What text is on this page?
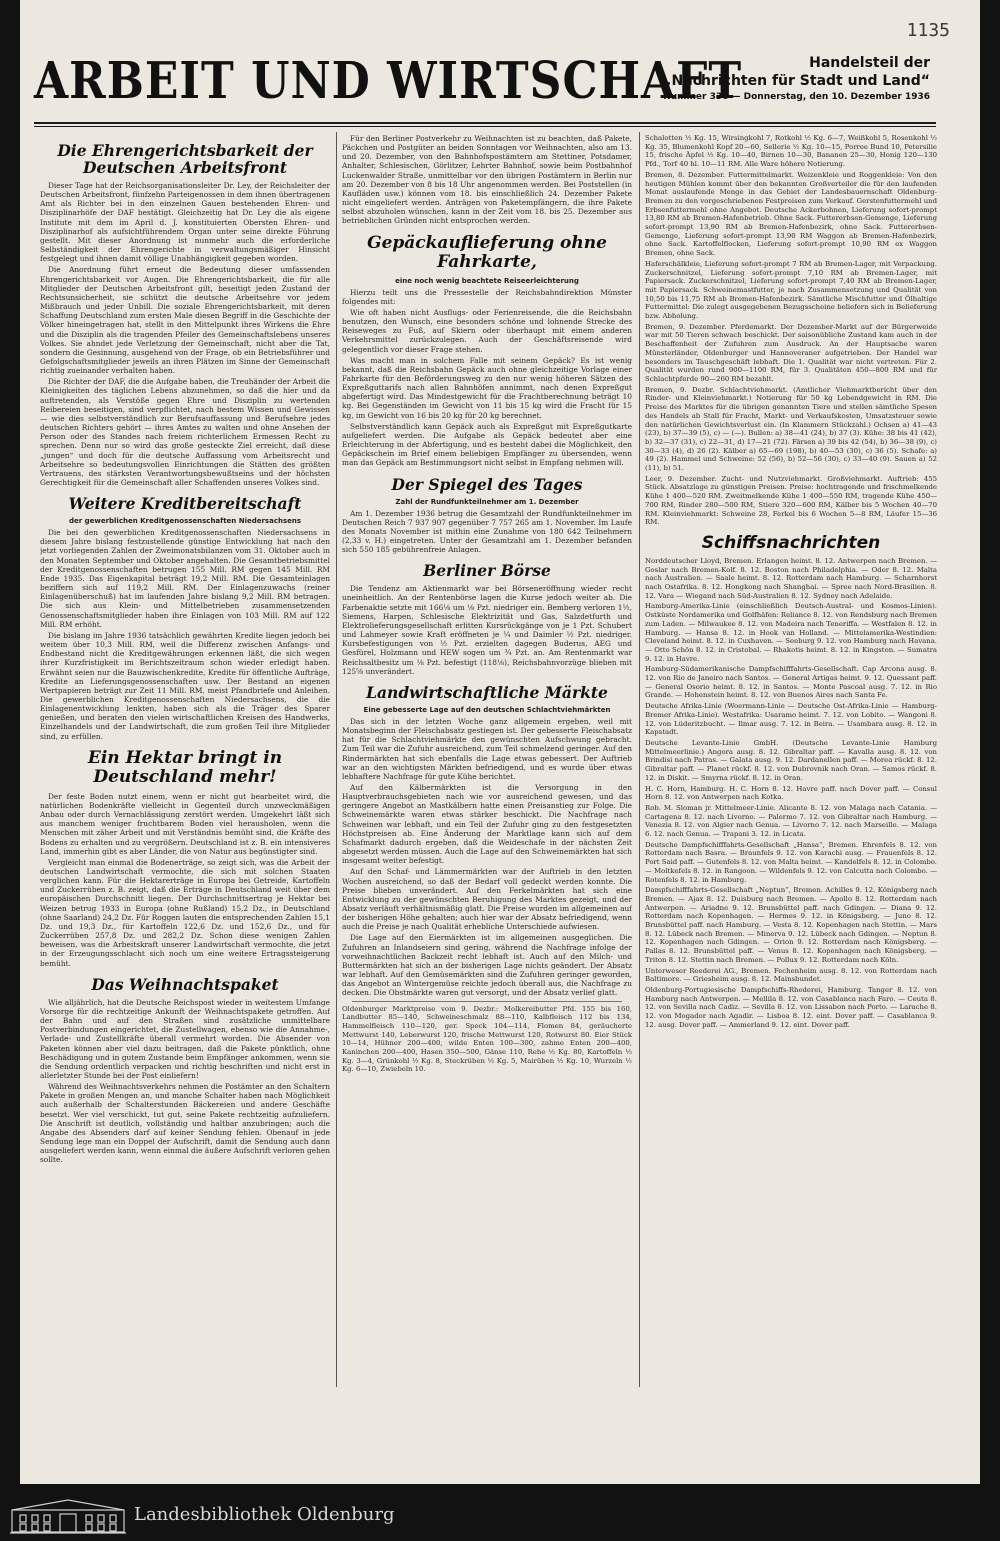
1135
ARBEIT UND WIRTSCHAFT	Handelsteil der
„Nachrichten für Stadt und Land“
Nummer 336 — Donnerstag, den 10. Dezember 1936
Die Ehrengerichtsbarkeit der Deutschen Arbeitsfront

Dieser Tage hat der Reichsorganisationsleiter Dr. Ley, der Reichsleiter der Deutschen Arbeitsfront, fünfzehn Parteigenossen in dem ihnen übertragenen Amt als Richter bei in den einzelnen Gauen bestehenden Ehren- und Disziplinarhöfe der DAF bestätigt. Gleichzeitig hat Dr. Ley die als eigene Institute mit dem im April d. J. konstituierten Obersten Ehren- und Disziplinarhof als aufsichtführendem Organ unter seine direkte Führung gestellt. Mit dieser Anordnung ist nunmehr auch die erforderliche Selbständigkeit der Ehrengerichte in verwaltungsmäßiger Hinsicht festgelegt und ihnen damit völlige Unabhängigkeit gegeben worden.

Die Anordnung führt erneut die Bedeutung dieser umfassenden Ehrengerichtsbarkeit vor Augen. Die Ehrengerichtsbarkeit, die für alle Mitglieder der Deutschen Arbeitsfront gilt, beseitigt jeden Zustand der Rechtsunsicherheit, sie schützt die deutsche Arbeitsehre vor jedem Mißbrauch und jeder Unbill. Die soziale Ehrengerichtsbarkeit, mit deren Schaffung Deutschland zum ersten Male diesen Begriff in die Geschichte der Völker hineingetragen hat, stellt in den Mittelpunkt ihres Wirkens die Ehre und die Disziplin als die tragenden Pfeiler des Gemeinschaftslebens unseres Volkes. Sie ahndet jede Verletzung der Gemeinschaft, nicht aber die Tat, sondern die Gesinnung, ausgehend von der Frage, ob ein Betriebsführer und Gefolgschaftsmitglieder jeweils an ihren Plätzen im Sinne der Gemeinschaft richtig zueinander verhalten haben.

Die Richter der DAF, die die Aufgabe haben, die Treuhänder der Arbeit die Kleinigkeiten des täglichen Lebens abzunehmen, so daß die hier und da auftretenden, als Verstöße gegen Ehre und Disziplin zu wertenden Reibereien beseitigen, sind verpflichtet, nach bestem Wissen und Gewissen — wie dies selbstverständlich zur Berufsauffassung und Berufsehre jedes deutschen Richters gehört — ihres Amtes zu walten und ohne Ansehen der Person oder des Standes nach freiem richterlichem Ermessen Recht zu sprechen. Denn nur so wird das große gesteckte Ziel erreicht, daß diese „jungen“ und doch für die deutsche Auffassung vom Arbeitsrecht und Arbeitsehre so bedeutungsvollen Einrichtungen die Stätten des größten Vertrauens, des stärksten Verantwortungsbewußtseins und der höchsten Gerechtigkeit für die Gemeinschaft aller Schaffenden unseres Volkes sind.

Weitere Kreditbereitschaft
der gewerblichen Kreditgenossenschaften Niedersachsens

Die bei den gewerblichen Kreditgenossenschaften Niedersachsens in diesem Jahre bislang festzustellende günstige Entwicklung hat nach den jetzt vorliegenden Zahlen der Zweimonatsbilanzen vom 31. Oktober auch in den Monaten September und Oktober angehalten. Die Gesamtbetriebsmittel der Kreditgenossenschaften betrugen 155 Mill. RM gegen 145 Mill. RM Ende 1935. Das Eigenkapital beträgt 19,2 Mill. RM. Die Gesamteinlagen beziffern sich auf 119,2 Mill. RM. Der Einlagenzuwachs (reiner Einlagenüberschuß) hat im laufenden Jahre bislang 9,2 Mill. RM betragen. Die sich aus Klein- und Mittelbetrieben zusammensetzenden Genossenschaftsmitglieder haben ihre Einlagen von 103 Mill. RM auf 122 Mill. RM erhöht.

Die bislang im Jahre 1936 tatsächlich gewährten Kredite liegen jedoch bei weitem über 10,3 Mill. RM, weil die Differenz zwischen Anfangs- und Endbestand nicht die Kreditgewährungen erkennen läßt, die sich wegen ihrer Kurzfristigkeit im Berichtszeitraum schon wieder erledigt haben. Erwähnt seien nur die Bauzwischenkredite, Kredite für öffentliche Aufträge, Kredite an Lieferungsgenossenschaften usw. Der Bestand an eigenen Wertpapieren beträgt zur Zeit 11 Mill. RM, meist Pfandbriefe und Anleihen. Die gewerblichen Kreditgenossenschaften Niedersachsens, die die Einlagenentwicklung lenkten, haben sich als die Träger des Sparer genießen, und beraten den vielen wirtschaftlichen Kreisen des Handwerks, Einzelhandels und der Landwirtschaft, die zum großen Teil ihre Mitglieder sind, zu erfüllen.

Ein Hektar bringt in Deutschland mehr!

Der feste Boden nutzt einem, wenn er nicht gut bearbeitet wird, die natürlichen Bodenkräfte vielleicht in Gegenteil durch unzweckmäßigen Anbau oder durch Vernachlässigung zerstört werden. Umgekehrt läßt sich aus manchem weniger fruchtbarem Boden viel herausholen, wenn die Menschen mit zäher Arbeit und mit Verständnis bemüht sind, die Kräfte des Bodens zu erhalten und zu vergrößern. Deutschland ist z. B. ein intensiveres Land, immerhin gibt es aber Länder, die von Natur aus begünstigter sind.

Vergleicht man einmal die Bodenerträge, so zeigt sich, was die Arbeit der deutschen Landwirtschaft vermochte, die sich mit solchen Staaten verglichen kann. Für die Hektarerträge in Europa bei Getreide, Kartoffeln und Zuckerrüben z. B. zeigt, daß die Erträge in Deutschland weit über dem europäischen Durchschnitt liegen. Der Durchschnittsertrag je Hektar bei Weizen betrug 1933 in Europa (ohne Rußland) 15,2 Dz., in Deutschland (ohne Saarland) 24,2 Dz. Für Roggen lauten die entsprechenden Zahlen 15,1 Dz. und 19,3 Dz., für Kartoffeln 122,6 Dz. und 152,6 Dz., und für Zuckerrüben 257,8 Dz. und 282,2 Dz. Schon diese wenigen Zahlen beweisen, was die Arbeitskraft unserer Landwirtschaft vermochte, die jetzt in der Erzeugungsschlacht sich noch um eine weitere Ertragssteigerung bemüht.

Das Weihnachtspaket

Wie alljährlich, hat die Deutsche Reichspost wieder in weitestem Umfange Vorsorge für die rechtzeitige Ankunft der Weihnachtspakete getroffen. Auf der Bahn und auf den Straßen sind zusätzliche unmittelbare Postverbindungen eingerichtet, die Zustellwagen, ebenso wie die Annahme-, Verlade- und Zustellkräfte überall vermehrt worden. Die Absender von Paketen können aber viel dazu beitragen, daß die Pakete pünktlich, ohne Beschädigung und in gutem Zustande beim Empfänger ankommen, wenn sie die Sendung ordentlich verpacken und richtig beschriften und nicht erst in allerletzter Stunde bei der Post einliefern!

Während des Weihnachtsverkehrs nehmen die Postämter an den Schaltern Pakete in großen Mengen an, und manche Schalter haben nach Möglichkeit auch außerhalb der Schalterstunden Bäckereien und andere Geschäfte besetzt. Wer viel verschickt, tut gut, seine Pakete rechtzeitig aufzuliefern. Die Anschrift ist deutlich, vollständig und haltbar anzubringen; auch die Angabe des Absenders darf auf keiner Sendung fehlen. Obenauf in jede Sendung lege man ein Doppel der Aufschrift, damit die Sendung auch dann ausgeliefert werden kann, wenn einmal die äußere Aufschrift verloren gehen sollte.

Für den Berliner Postverkehr zu Weihnachten ist zu beachten, daß Pakete, Päckchen und Postgüter an beiden Sonntagen vor Weihnachten, also am 13. und 20. Dezember, von den Bahnhofspostämtern am Stettiner, Potsdamer, Anhalter, Schlesischen, Görlitzer, Lehrter Bahnhof, sowie beim Postbahnhof Luckenwalder Straße, unmittelbar vor den übrigen Postämtern in Berlin nur am 20. Dezember von 8 bis 18 Uhr angenommen werden. Bei Poststellen (in Kaufläden usw.) können vom 18. bis einschließlich 24. Dezember Pakete nicht eingeliefert werden. Anträgen von Paketempfängern, die ihre Pakete selbst abzuholen wünschen, kann in der Zeit vom 18. bis 25. Dezember aus betrieblichen Gründen nicht entsprochen werden.

Gepäckauflieferung ohne Fahrkarte,
eine noch wenig beachtete Reiseerleichterung

Hierzu teilt uns die Pressestelle der Reichsbahndirektion Münster folgendes mit:

Wie oft haben nicht Ausflugs- oder Ferienreisende, die die Reichsbahn benutzen, den Wunsch, eine besonders schöne und lohnende Strecke des Reiseweges zu Fuß, auf Skiern oder überhaupt mit einem anderen Verkehrsmittel zurückzulegen. Auch der Geschäftsreisende wird gelegentlich vor dieser Frage stehen.

Was macht man in solchem Falle mit seinem Gepäck? Es ist wenig bekannt, daß die Reichsbahn Gepäck auch ohne gleichzeitige Vorlage einer Fahrkarte für den Beförderungsweg zu den nur wenig höheren Sätzen des Expreßguttarifs nach allen Bahnhöfen annimmt, nach denen Expreßgut abgefertigt wird. Das Mindestgewicht für die Frachtberechnung beträgt 10 kg. Bei Gegenständen im Gewicht von 11 bis 15 kg wird die Fracht für 15 kg, im Gewicht von 16 bis 20 kg für 20 kg berechnet.

Selbstverständlich kann Gepäck auch als Expreßgut mit Expreßgutkarte aufgeliefert werden. Die Aufgabe als Gepäck bedeutet aber eine Erleichterung in der Abfertigung, und es besteht dabei die Möglichkeit, den Gepäckschein im Brief einem beliebigen Empfänger zu übersenden, wenn man das Gepäck am Bestimmungsort nicht selbst in Empfang nehmen will.

Der Spiegel des Tages
Zahl der Rundfunkteilnehmer am 1. Dezember

Am 1. Dezember 1936 betrug die Gesamtzahl der Rundfunkteilnehmer im Deutschen Reich 7 937 907 gegenüber 7 757 265 am 1. November. Im Laufe des Monats November ist mithin eine Zunahme von 180 642 Teilnehmern (2,33 v. H.) eingetreten. Unter der Gesamtzahl am 1. Dezember befanden sich 550 185 gebührenfreie Anlagen.

Berliner Börse

Die Tendenz am Aktienmarkt war bei Börseneröffnung wieder recht uneinheitlich. An der Rentenbörse lagen die Kurse jedoch weiter ab. Die Farbenaktie setzte mit 166⅛ um ⅛ Pzt. niedriger ein. Bemberg verloren 1½, Siemens, Harpen, Schlesische Elektrizität und Gas, Salzdetfurth und Elektrolieferungsgesellschaft erlitten Kursrückgänge von je 1 Pzt. Schubert und Lahmeyer sowie Kraft eröffneten je ¼ und Daimler ½ Pzt. niedriger. Kursbefestigungen von ½ Pzt. erzielten dagegen Buderus, AEG und Gesfürel, Holzmann und HEW sogen um ¾ Pzt. an. Am Rentenmarkt war Reichsaltbesitz um ⅛ Pzt. befestigt (118⅛), Reichsbahnvorzüge blieben mit 125⅝ unverändert.

Landwirtschaftliche Märkte
Eine gebesserte Lage auf den deutschen Schlachtviehmärkten

Das sich in der letzten Woche ganz allgemein ergeben, weil mit Monatsbeginn der Fleischabsatz gestiegen ist. Der gebesserte Fleischabsatz hat für die Schlachtviehmärkte den gewünschten Aufschwung gebracht. Zum Teil war die Zufuhr ausreichend, zum Teil schmelzend geringer. Auf den Rindermärkten hat sich ebenfalls die Lage etwas gebessert. Der Auftrieb war an den wichtigsten Märkten befriedigend, und es wurde über etwas lebhaftere Nachfrage für gute Kühe berichtet.

Auf den Kälbermärkten ist die Versorgung in den Hauptverbrauchsgebieten nach wie vor ausreichend gewesen, und das geringere Angebot an Mastkälbern hatte einen Preisanstieg zur Folge. Die Schweinemärkte waren etwas stärker beschickt. Die Nachfrage nach Schweinen war lebhaft, und ein Teil der Zufuhr ging zu den festgesetzten Höchstpreisen ab. Eine Änderung der Marktlage kann sich auf dem Schafmarkt dadurch ergeben, daß die Weideschafe in der nächsten Zeit abgesetzt werden müssen. Auch die Lage auf den Schweinemärkten hat sich insgesamt weiter befestigt.

Auf den Schaf- und Lämmermärkten war der Auftrieb in den letzten Wochen ausreichend, so daß der Bedarf voll gedeckt werden konnte. Die Preise blieben unverändert. Auf den Ferkelmärkten hat sich eine Entwicklung zu der gewünschten Beruhigung des Marktes gezeigt, und der Absatz verläuft verhältnismäßig glatt. Die Preise wurden im allgemeinen auf der bisherigen Höhe gehalten; auch hier war der Absatz befriedigend, wenn auch die Preise je nach Qualität erhebliche Unterschiede aufwiesen.

Die Lage auf den Eiermärkten ist im allgemeinen ausgeglichen. Die Zufuhren an Inlandseiern sind gering, während die Nachfrage infolge der vorweihnachtlichen Backzeit recht lebhaft ist. Auch auf den Milch- und Buttermärkten hat sich an der bisherigen Lage nichts geändert. Der Absatz war lebhaft. Auf den Gemüsemärkten sind die Zufuhren geringer geworden, das Angebot an Wintergemüse reichte jedoch überall aus, die Nachfrage zu decken. Die Obstmärkte waren gut versorgt, und der Absatz verlief glatt.

Oldenburger Marktpreise vom 9. Dezbr.: Molkereibutter Pfd. 155 bis 160, Landbutter 85—140, Schweineschmalz 88—110, Kalbfleisch 112 bis 134, Hammelfleisch 110—120, ger. Speck 104—114, Flomen 84, geräucherte Mettwurst 140, Leberwurst 120, frische Mettwurst 120, Rotwurst 80. Eier Stück 10—14, Hühner 200—400, wilde Enten 100—300, zahme Enten 200—400, Kaninchen 200—400, Hasen 350—500, Gänse 110, Rehe ½ Kg. 80, Kartoffeln ½ Kg. 3—4, Grünkohl ½ Kg. 8, Steckrüben ½ Kg. 5, Mairüben ½ Kg. 10, Wurzeln ½ Kg. 6—10, Zwiebeln 10.

Schalotten ½ Kg. 15, Wirsingkohl 7, Rotkohl ½ Kg. 6—7, Weißkohl 5, Rosenkohl ½ Kg. 35, Blumenkohl Kopf 20—60, Sellerie ½ Kg. 10—15, Porree Bund 10, Petersilie 15, frische Äpfel ½ Kg. 10—40, Birnen 10—30, Bananen 25—30, Honig 120—130 Pfd., Torf 40 hl. 10—11 RM. Alle Ware höhere Notierung.

Bremen, 8. Dezember. Futtermittelmarkt. Weizenkleie und Roggenkleie: Von den heutigen Mühlen kommt über den bekannten Großverteiler die für den laufenden Monat auslaufende Menge in das Gebiet der Landesbauernschaft Oldenburg-Bremen zu den vorgeschriebenen Festpreisen zum Verkauf. Gerstenfuttermehl und Erbsenfuttermehl ohne Angebot. Deutsche Ackerbohnen, Lieferung sofort-prompt 13,80 RM ab Bremen-Hafenbetrieb. Ohne Sack. Futtererbsen-Gemenge, Lieferung sofort-prompt 13,90 RM ab Bremen-Hafenbezirk, ohne Sack. Futtererbsen-Gemenge, Lieferung sofort-prompt 13,90 RM Waggon ab Bremen-Hafenbezirk, ohne Sack. Kartoffelflocken, Lieferung sofort-prompt 10,90 RM ex Waggon Bremen, ohne Sack.

Haferschälkleie, Lieferung sofort-prompt 7 RM ab Bremen-Lager, mit Verpackung. Zuckerschnitzel, Lieferung sofort-prompt 7,10 RM ab Bremen-Lager, mit Papiersack. Zuckerschnitzel, Lieferung sofort-prompt 7,40 RM ab Bremen-Lager, mit Papiersack. Schweinemastfutter, je nach Zusammensetzung und Qualität von 10,50 bis 11,75 RM ab Bremen-Hafenbezirk. Sämtliche Mischfutter und Ölhaltige Futtermittel: Die zulegt ausgegebenen Bezugsscheine beliefern sich in Belieferung bzw. Abholung.

Bremen, 9. Dezember. Pferdemarkt. Der Dezember-Markt auf der Bürgerweide war mit 50 Tieren schwach beschickt. Der saisonübliche Zustand kam auch in der Beschaffenheit der Zufuhren zum Ausdruck. An der Hauptsache waren Münsterländer, Oldenburger und Hannoveraner aufgetrieben. Der Handel war besonders im Tauschgeschäft lebhaft. Die 1. Qualität war nicht vertreten. Für 2. Qualität wurden rund 900—1100 RM, für 3. Qualitäten 450—800 RM und für Schlachtpferde 90—260 RM bezahlt.

Bremen, 9. Dezbr. Schlachtviehmarkt. (Amtlicher Viehmarktbericht über den Rinder- und Kleinviehmarkt.) Notierung für 50 kg Lebendgewicht in RM. Die Preise des Marktes für die übrigen genannten Tiere und stellen sämtliche Spesen des Handels ab Stall für Fracht, Markt- und Verkaufskosten, Umsatzsteuer sowie den natürlichen Gewichtsverlust ein. (In Klammern Stückzahl.) Ochsen a) 41—43 (23), b) 37—39 (5), c) — (—). Bullen: a) 38—41 (24), b) 37 (3). Kühe: 38 bis 41 (42), b) 32—37 (31), c) 22—31, d) 17—21 (72). Färsen a) 39 bis 42 (54), b) 36—38 (9), c) 30—33 (4), d) 26 (2). Kälber a) 65—69 (198), b) 40—53 (30), c) 36 (5). Schafe: a) 49 (2). Hammel und Schweine: 52 (56), b) 52—56 (30), c) 33—40 (9). Sauen a) 52 (11), b) 51.

Leer, 9. Dezember. Zucht- und Nutzviehmarkt. Großviehmarkt. Auftrieb: 455 Stück. Absatzlage zu günstigen Preisen. Preise: hochtragende und frischmelkende Kühe 1 400—520 RM. Zweitmelkende Kühe 1 400—550 RM, tragende Kühe 450—700 RM, Rinder 280—500 RM, Stiere 320—600 RM, Kälber bis 5 Wochen 40—70 RM. Kleinviehmarkt: Schweine 28, Ferkel bis 6 Wochen 5—8 RM, Läufer 15—36 RM.

Schiffsnachrichten

Norddeutscher Lloyd, Bremen. Erlangen heimt. 8. 12. Antwerpen nach Bremen. — Goslar nach Bremen-Kolf. 8. 12. Boston nach Philadelphia. — Oder 8. 12. Malta nach Australien. — Saale heimt. 8. 12. Rotterdam nach Hamburg. — Scharnhorst nach Ostafrika. 8. 12. Hongkong nach Shanghai. — Spree nach Nord-Brasilien. 8. 12. Vara — Wiegand nach Süd-Australien 8. 12. Sydney nach Adelaide.

Hamburg-Amerika-Linie (einschließlich Deutsch-Austral- und Kosmos-Linien). Ostküste Nordamerika und Golfhäfen: Reliance 8. 12. von Rendsburg nach Bremen zum Laden. — Milwaukee 8. 12. von Madeira nach Teneriffa. — Westfalen 8. 12. in Hamburg. — Hansa 8. 12. in Hoek van Holland. — Mittelamerika-Westindien: Cleveland heimt. 8. 12. in Cuxhaven. — Seeburg 9. 12. von Hamburg nach Havana. — Otto Schön 8. 12. in Cristobal. — Rhakotis heimt. 8. 12. in Kingston. — Sumatra 9. 12. in Havre.

Hamburg-Südamerikanische Dampfschifffahrts-Gesellschaft. Cap Arcona ausg. 8. 12. von Rio de Janeiro nach Santos. — General Artigas heimt. 9. 12. Quessant paff. — General Osorio heimt. 8. 12. in Santos. — Monte Pascoal ausg. 7. 12. in Rio Grande. — Hohenstein heimt. 8. 12. von Buenos Aires nach Santa Fe.

Deutsche Afrika-Linie (Woermann-Linie — Deutsche Ost-Afrika-Linie — Hamburg-Bremer Afrika-Linie). Westafrika: Usaramo heimt. 7. 12. von Lobito. — Wangoni 8. 12. von Lüderitzbucht. — Ilmar ausg. 7. 12. in Beira. — Usambara ausg. 8. 12. in Kapstadt.

Deutsche Levante-Linie GmbH. (Deutsche Levante-Linie Hamburg Mittelmeerlinie.) Angora ausg. 8. 12. Gibraltar paff. — Kavalla ausg. 8. 12. von Brindisi nach Patras. — Galata ausg. 9. 12. Dardanellen paff. — Morea rückf. 8. 12. Gibraltar paff. — Planet rückf. 8. 12. von Dubrovnik nach Oran. — Samos rückf. 8. 12. in Diskit. — Smyrna rückf. 8. 12. in Oran.

H. C. Horn, Hamburg. H. C. Horn 8. 12. Havre paff. nach Dover paff. — Consul Horn 8. 12. von Antwerpen nach Kotka.

Rob. M. Sloman jr. Mittelmeer-Linie. Alicante 8. 12. von Malaga nach Catania. — Cartagena 8. 12. nach Livorno. — Palermo 7. 12. von Gibraltar nach Hamburg. — Venezia 8. 12. von Algier nach Genua. — Livorno 7. 12. nach Marseille. — Malaga 6. 12. nach Genua. — Trapani 3. 12. in Licata.

Deutsche Dampfschifffahrts-Gesellschaft „Hansa“, Bremen. Ehrenfels 8. 12. von Rotterdam nach Basra. — Braunfels 9. 12. von Karachi ausg. — Frauenfels 8. 12. Port Said paff. — Gutenfels 8. 12. von Malta heimt. — Kandelfels 8. 12. in Colombo. — Moltkefels 8. 12. in Rangoon. — Wildenfels 9. 12. von Calcutta nach Colombo. — Rotenfels 8. 12. in Hamburg.

Dampfschifffahrts-Gesellschaft „Neptun“, Bremen. Achilles 9. 12. Königsberg nach Bremen. — Ajax 8. 12. Duisburg nach Bremen. — Apollo 8. 12. Rotterdam nach Antwerpen. — Ariadne 9. 12. Brunsbüttel paff. nach Gdingen. — Diana 9. 12. Rotterdam nach Kopenhagen. — Hermes 9. 12. in Königsberg. — Juno 8. 12. Brunsbüttel paff. nach Hamburg. — Vesta 8. 12. Kopenhagen nach Stettin. — Mars 8. 12. Lübeck nach Bremen. — Minerva 9. 12. Lübeck nach Gdingen. — Neptun 8. 12. Kopenhagen nach Gdingen. — Orion 9. 12. Rotterdam nach Königsberg. — Pallas 8. 12. Brunsbüttel paff. — Venus 8. 12. Kopenhagen nach Königsberg. — Triton 8. 12. Stettin nach Bremen. — Pollux 9. 12. Rotterdam nach Köln.

Unterweser Reederei AG., Bremen. Fechenheim ausg. 8. 12. von Rotterdam nach Baltimore. — Griesheim ausg. 8. 12. Mainsbundet.

Oldenburg-Portugiesische Dampfschiffs-Rhederei, Hamburg. Tanger 8. 12. von Hamburg nach Antwerpen. — Mellila 8. 12. von Casablanca nach Faro. — Ceuta 8. 12. von Sevilla nach Cadiz. — Sevilla 8. 12. von Lissabon nach Porto. — Larache 8. 12. von Mogador nach Agadir. — Lisboa 8. 12. eint. Dover paff. — Casablanca 9. 12. ausg. Dover paff. — Ammerland 9. 12. eint. Dover paff.

Landesbibliothek Oldenburg
